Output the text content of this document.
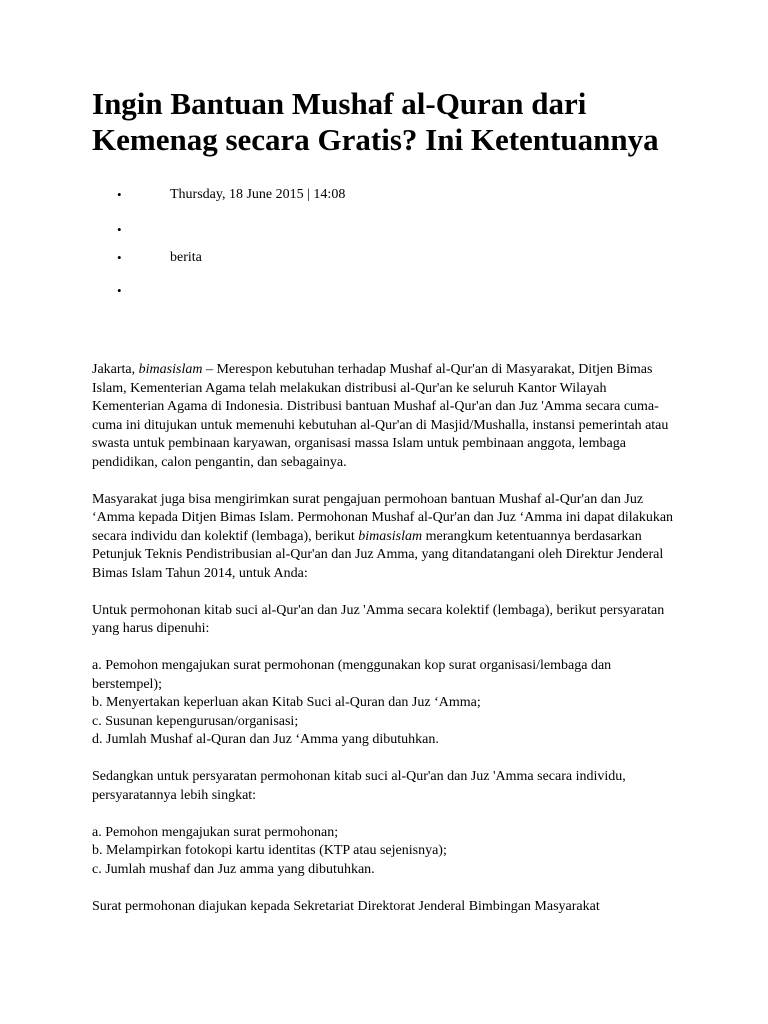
Ingin Bantuan Mushaf al-Quran dari Kemenag secara Gratis? Ini Ketentuannya
•	Thursday, 18 June 2015 | 14:08
•
•	berita
•

Jakarta, bimasislam – Merespon kebutuhan terhadap Mushaf al-Qur'an di Masyarakat, Ditjen Bimas Islam, Kementerian Agama telah melakukan distribusi al-Qur'an ke seluruh Kantor Wilayah Kementerian Agama di Indonesia. Distribusi bantuan Mushaf al-Qur'an dan Juz 'Amma secara cuma-cuma ini ditujukan untuk memenuhi kebutuhan al-Qur'an di Masjid/Mushalla, instansi pemerintah atau swasta untuk pembinaan karyawan, organisasi massa Islam untuk pembinaan anggota, lembaga pendidikan, calon pengantin, dan sebagainya.

Masyarakat juga bisa mengirimkan surat pengajuan permohoan bantuan Mushaf al-Qur'an dan Juz ‘Amma kepada Ditjen Bimas Islam. Permohonan Mushaf al-Qur'an dan Juz ‘Amma ini dapat dilakukan secara individu dan kolektif (lembaga), berikut bimasislam merangkum ketentuannya berdasarkan Petunjuk Teknis Pendistribusian al-Qur'an dan Juz Amma, yang ditandatangani oleh Direktur Jenderal Bimas Islam Tahun 2014, untuk Anda:

Untuk permohonan kitab suci al-Qur'an dan Juz 'Amma secara kolektif (lembaga), berikut persyaratan yang harus dipenuhi:

a. Pemohon mengajukan surat permohonan (menggunakan kop surat organisasi/lembaga dan berstempel);

b. Menyertakan keperluan akan Kitab Suci al-Quran dan Juz ‘Amma;

c. Susunan kepengurusan/organisasi;

d. Jumlah Mushaf al-Quran dan Juz ‘Amma yang dibutuhkan.

Sedangkan untuk persyaratan permohonan kitab suci al-Qur'an dan Juz 'Amma secara individu, persyaratannya lebih singkat:

a. Pemohon mengajukan surat permohonan;

b. Melampirkan fotokopi kartu identitas (KTP atau sejenisnya);

c. Jumlah mushaf dan Juz amma yang dibutuhkan.

Surat permohonan diajukan kepada Sekretariat Direktorat Jenderal Bimbingan Masyarakat
